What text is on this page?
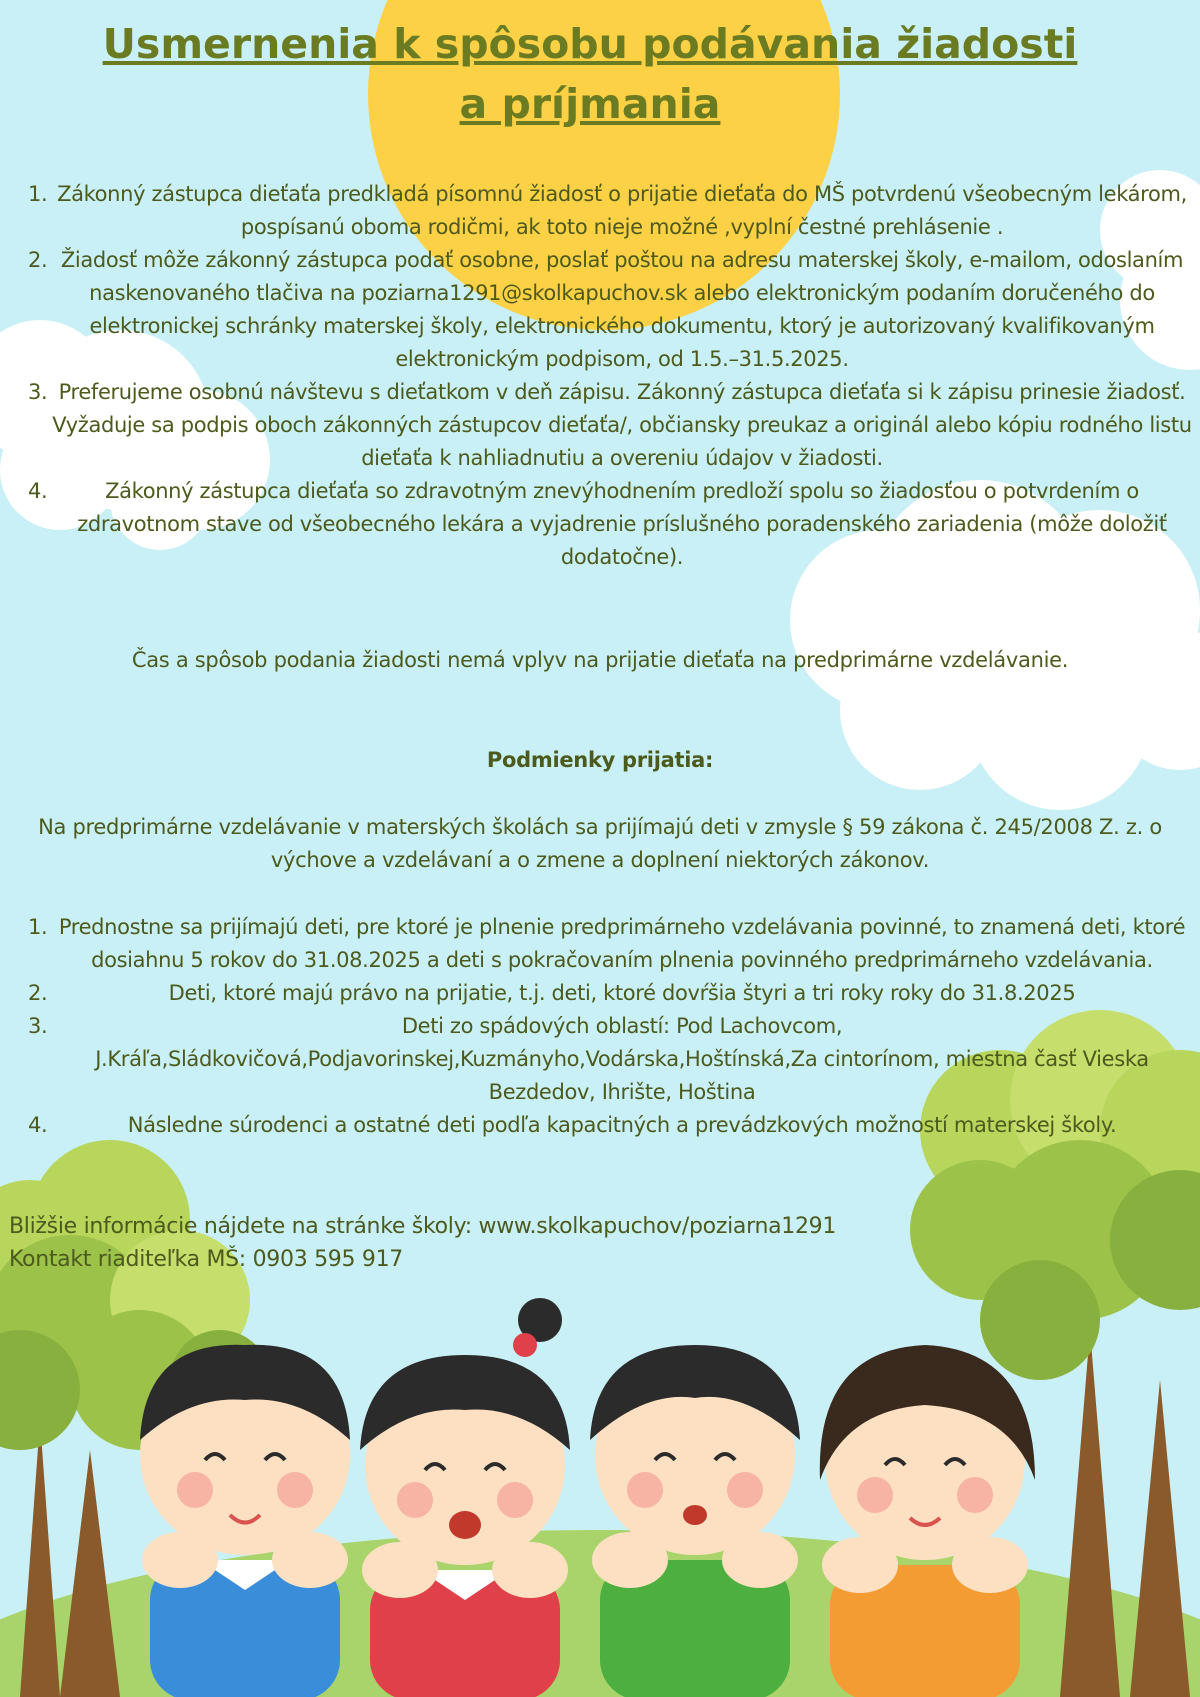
Usmernenia k spôsobu podávania žiadosti a príjmania
1. Zákonný zástupca dieťaťa predkladá písomnú žiadosť o prijatie dieťaťa do MŠ potvrdenú všeobecným lekárom, pospísanú oboma rodičmi, ak toto nieje možné ,vyplní čestné prehlásenie .
2. Žiadosť môže zákonný zástupca podať osobne, poslať poštou na adresu materskej školy, e-mailom, odoslaním naskenovaného tlačiva na poziarna1291@skolkapuchov.sk alebo elektronickým podaním doručeného do elektronickej schránky materskej školy, elektronického dokumentu, ktorý je autorizovaný kvalifikovaným elektronickým podpisom, od 1.5.–31.5.2025.
3. Preferujeme osobnú návštevu s dieťatkom v deň zápisu. Zákonný zástupca dieťaťa si k zápisu prinesie žiadosť. Vyžaduje sa podpis oboch zákonných zástupcov dieťaťa/, občiansky preukaz a originál alebo kópiu rodného listu dieťaťa k nahliadnutiu a overeniu údajov v žiadosti.
4.	Zákonný zástupca dieťaťa so zdravotným znevýhodnením predloží spolu so žiadosťou o potvrdením o zdravotnom stave od všeobecného lekára a vyjadrenie príslušného poradenského zariadenia (môže doložiť dodatočne).

Čas a spôsob podania žiadosti nemá vplyv na prijatie dieťaťa na predprimárne vzdelávanie.

Podmienky prijatia:

Na predprimárne vzdelávanie v materských školách sa prijímajú deti v zmysle § 59 zákona č. 245/2008 Z. z. o výchove a vzdelávaní a o zmene a doplnení niektorých zákonov.

1. Prednostne sa prijímajú deti, pre ktoré je plnenie predprimárneho vzdelávania povinné, to znamená deti, ktoré dosiahnu 5 rokov do 31.08.2025 a deti s pokračovaním plnenia povinného predprimárneho vzdelávania.
2.	Deti, ktoré majú právo na prijatie, t.j. deti, ktoré dovŕšia štyri a tri roky roky do 31.8.2025
3.	Deti zo spádových oblastí: Pod Lachovcom, J.Kráľa,Sládkovičová,Podjavorinskej,Kuzmányho,Vodárska,Hoštínská,Za cintorínom, miestna časť Vieska Bezdedov, Ihrište, Hoština
4.	Následne súrodenci a ostatné deti podľa kapacitných a prevádzkových možností materskej školy.

Bližšie informácie nájdete na stránke školy: www.skolkapuchov/poziarna1291

Kontakt riaditeľka MŠ: 0903 595 917
